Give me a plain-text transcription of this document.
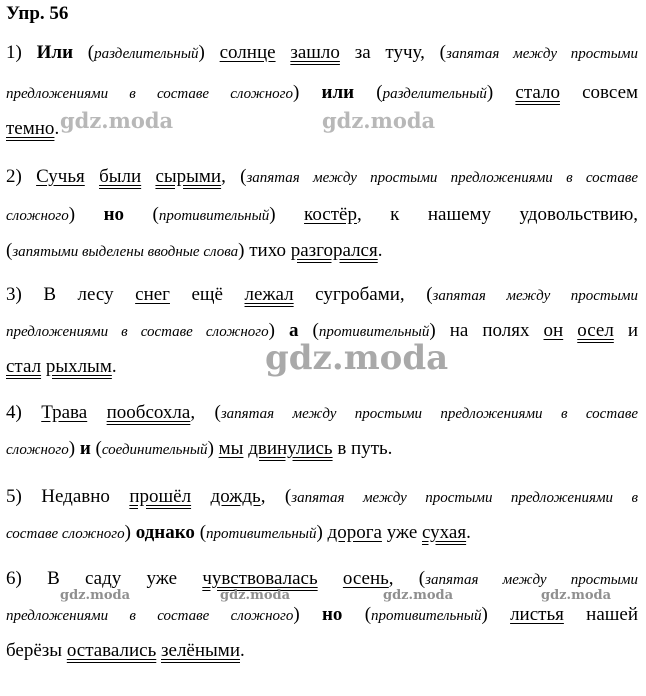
Упр. 56
1) Или (разделительный) солнце зашло за тучу, (запятая между простыми
предложениями в составе сложного) или (разделительный) стало совсем
темно.
2) Сучья были сырыми, (запятая между простыми предложениями в составе
сложного) но (противительный) костёр, к нашему удовольствию,
(запятыми выделены вводные слова) тихо разгорался.
3) В лесу снег ещё лежал сугробами, (запятая между простыми
предложениями в составе сложного) а (противительный) на полях он осел и
стал рыхлым.
4) Трава пообсохла, (запятая между простыми предложениями в составе
сложного) и (соединительный) мы двинулись в путь.
5) Недавно прошёл дождь, (запятая между простыми предложениями в
составе сложного) однако (противительный) дорога уже сухая.
6) В саду уже чувствовалась осень, (запятая между простыми
предложениями в составе сложного) но (противительный) листья нашей
берёзы оставались зелёными.
gdz.moda	gdz.moda
gdz.moda
gdz.moda	gdz.moda	gdz.moda	gdz.moda
